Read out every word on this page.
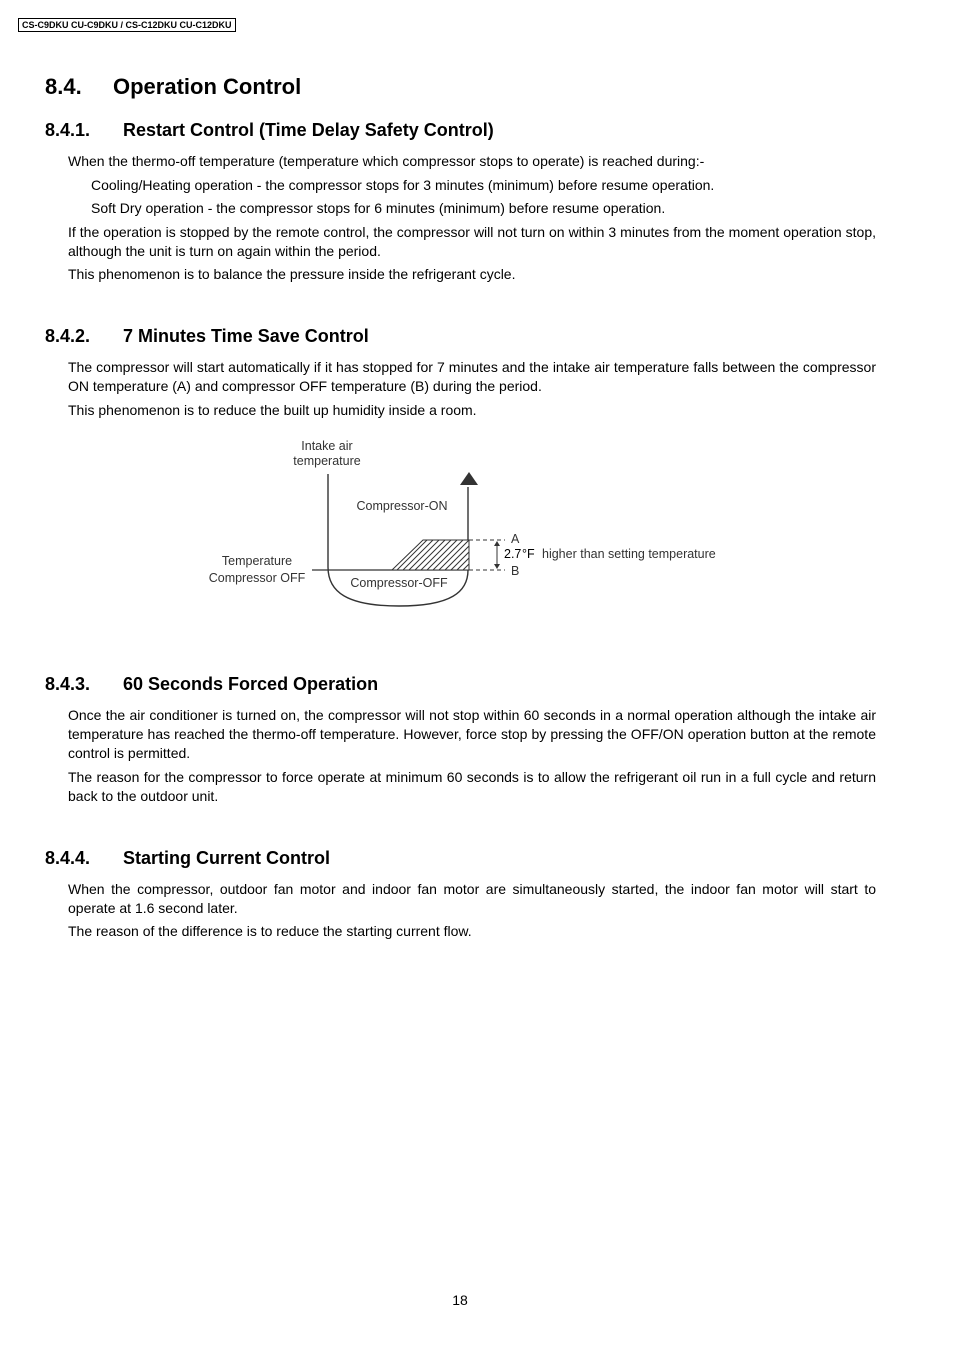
CS-C9DKU CU-C9DKU / CS-C12DKU CU-C12DKU
8.4. Operation Control
8.4.1. Restart Control (Time Delay Safety Control)

When the thermo-off temperature (temperature which compressor stops to operate) is reached during:-

Cooling/Heating operation - the compressor stops for 3 minutes (minimum) before resume operation.

Soft Dry operation - the compressor stops for 6 minutes (minimum) before resume operation.

If the operation is stopped by the remote control, the compressor will not turn on within 3 minutes from the moment operation stop, although the unit is turn on again within the period.

This phenomenon is to balance the pressure inside the refrigerant cycle.

8.4.2. 7 Minutes Time Save Control

The compressor will start automatically if it has stopped for 7 minutes and the intake air temperature falls between the compressor ON temperature (A) and compressor OFF temperature (B) during the period.

This phenomenon is to reduce the built up humidity inside a room.

Intake air
temperature
Compressor-ON
Temperature
Compressor OFF	Compressor-OFF
A
B
2.7 °F higher than setting temperature
8.4.3. 60 Seconds Forced Operation

Once the air conditioner is turned on, the compressor will not stop within 60 seconds in a normal operation although the intake air temperature has reached the thermo-off temperature. However, force stop by pressing the OFF/ON operation button at the remote control is permitted.

The reason for the compressor to force operate at minimum 60 seconds is to allow the refrigerant oil run in a full cycle and return back to the outdoor unit.

8.4.4. Starting Current Control

When the compressor, outdoor fan motor and indoor fan motor are simultaneously started, the indoor fan motor will start to operate at 1.6 second later.

The reason of the difference is to reduce the starting current flow.

18
